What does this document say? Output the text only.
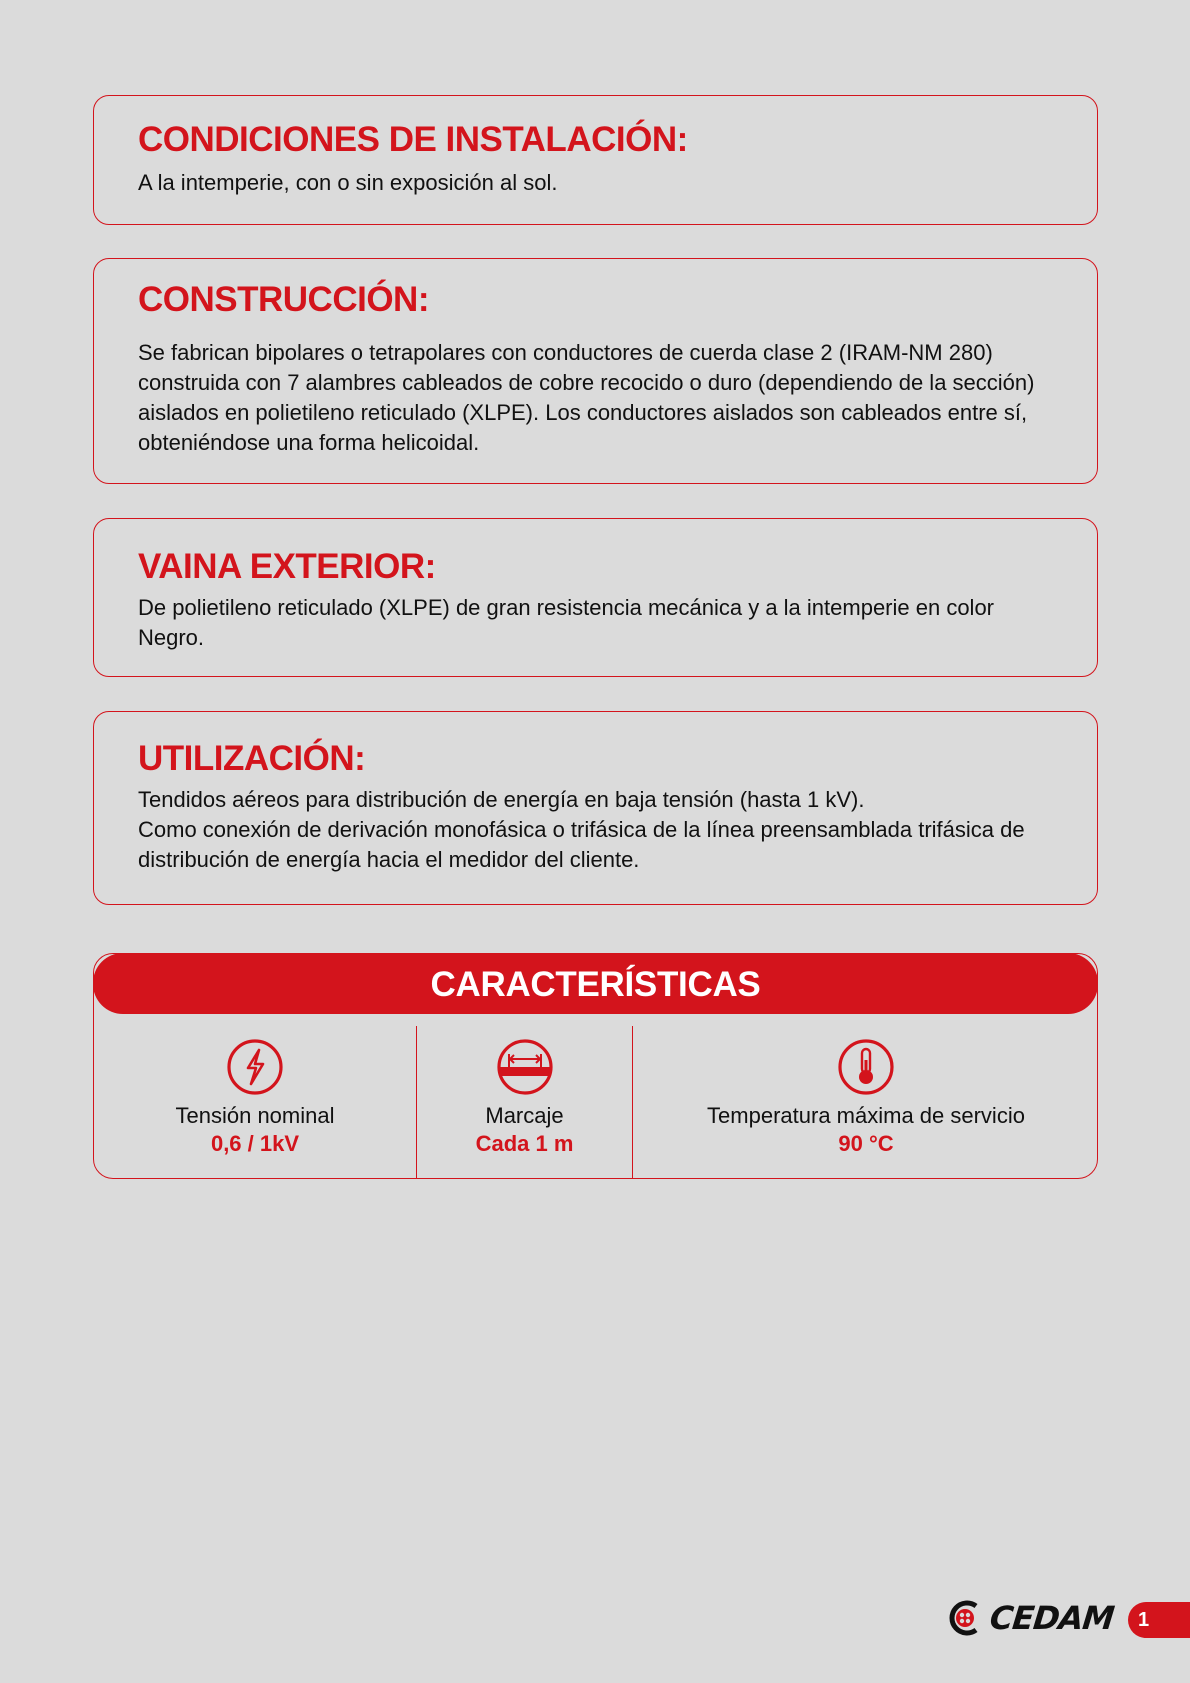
CONDICIONES DE INSTALACIÓN:

A la intemperie, con o sin exposición al sol.

CONSTRUCCIÓN:

Se fabrican bipolares o tetrapolares con conductores de cuerda clase 2 (IRAM-NM 280) construida con 7 alambres cableados de cobre recocido o duro (dependiendo de la sección) aislados en polietileno reticulado (XLPE). Los conductores aislados son cableados entre sí, obteniéndose una forma helicoidal.

VAINA EXTERIOR:

De polietileno reticulado (XLPE) de gran resistencia mecánica y a la intemperie en color Negro.

UTILIZACIÓN:

Tendidos aéreos para distribución de energía en baja tensión (hasta 1 kV).

Como conexión de derivación monofásica o trifásica de la línea preensamblada trifásica de distribución de energía hacia el medidor del cliente.

CARACTERÍSTICAS
Tensión nominal
0,6 / 1kV
Marcaje
Cada 1 m
Temperatura máxima de servicio
90 °C
CEDAM	1
